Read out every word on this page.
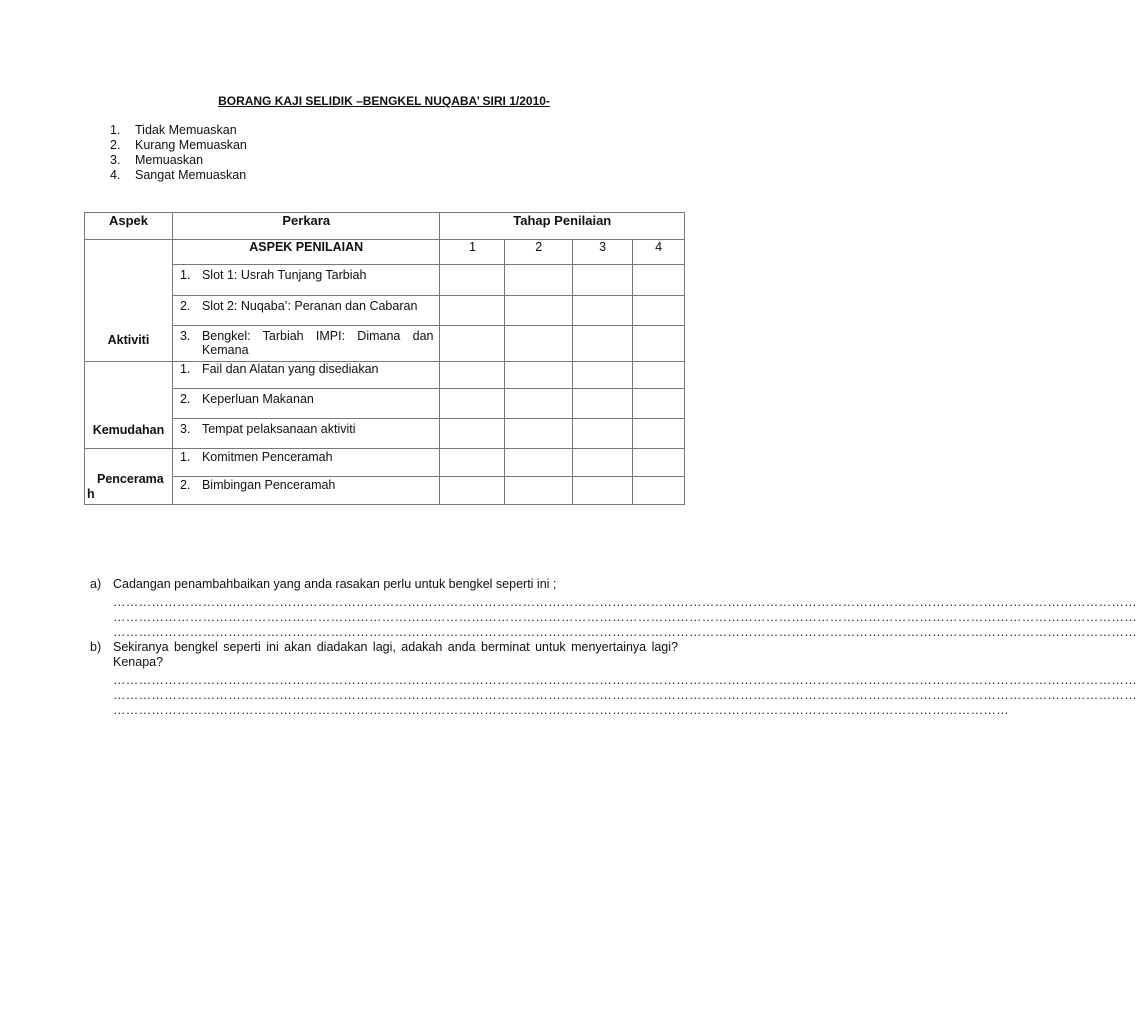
BORANG KAJI SELIDIK –BENGKEL NUQABA’ SIRI 1/2010-
1. Tidak Memuaskan
2. Kurang Memuaskan
3. Memuaskan
4. Sangat Memuaskan
Aspek	Perkara	Tahap Penilaian			
Aktiviti	ASPEK PENILAIAN	1	2	3	4
	1. Slot 1: Usrah Tunjang Tarbiah				
	2. Slot 2: Nuqaba’: Peranan dan Cabaran				

	3. Bengkel: Tarbiah IMPI: Dimana dan
Kemana				

Kemudahan	1. Fail dan Alatan yang disediakan				
	2. Keperluan Makanan				
	3. Tempat pelaksanaan aktiviti				

Pencerama
h	1. Komitmen Penceramah				
	2. Bimbingan Penceramah				
a) Cadangan penambahbaikan yang anda rasakan perlu untuk bengkel seperti ini ;
……………………………………………………………………………………………………………………………………………………………………………………………………………………
……………………………………………………………………………………………………………………………………………………………………………………………………………………
……………………………………………………………………………………………………………………………………………………………………………………………………………………
b) Sekiranya bengkel seperti ini akan diadakan lagi, adakah anda berminat untuk menyertainya lagi? Kenapa?
……………………………………………………………………………………………………………………………………………………………………………………………………………………
……………………………………………………………………………………………………………………………………………………………………………………………………………………
…………………………………………………………………………………………………………………………………………………………………………………………
